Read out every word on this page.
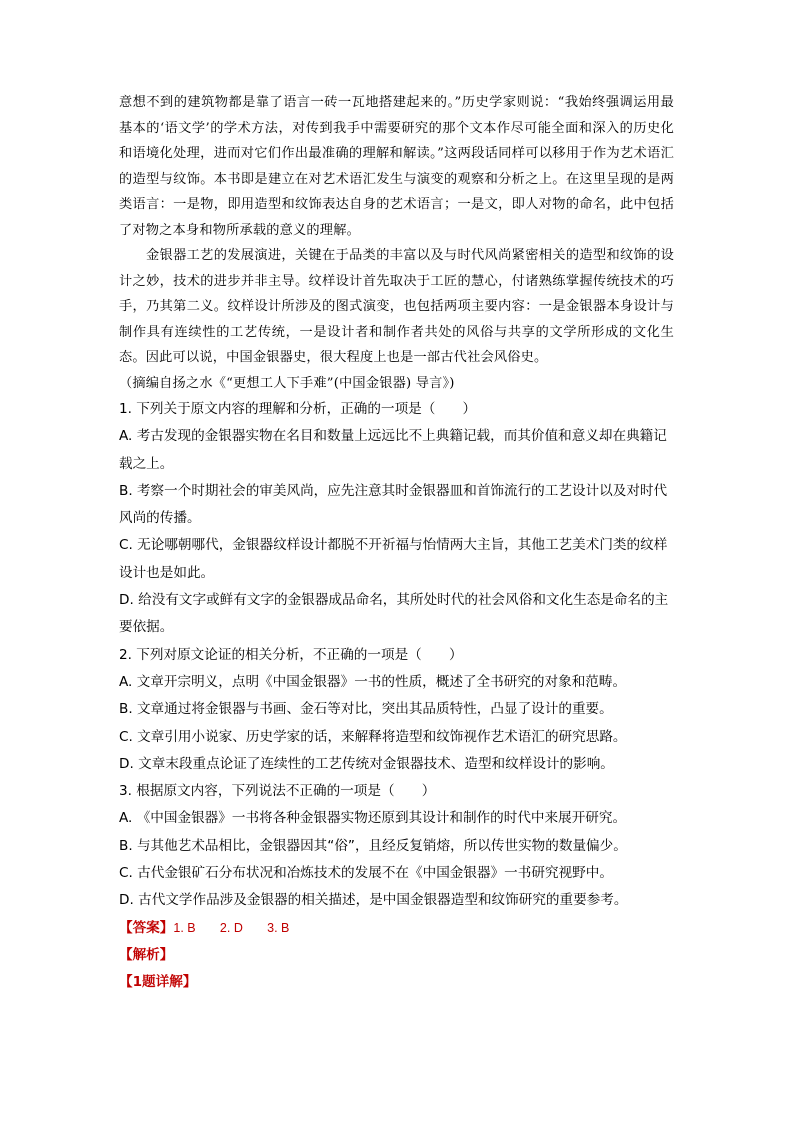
意想不到的建筑物都是靠了语言一砖一瓦地搭建起来的。”历史学家则说：“我始终强调运用最基本的‘语文学’的学术方法，对传到我手中需要研究的那个文本作尽可能全面和深入的历史化和语境化处理，进而对它们作出最准确的理解和解读。”这两段话同样可以移用于作为艺术语汇的造型与纹饰。本书即是建立在对艺术语汇发生与演变的观察和分析之上。在这里呈现的是两类语言：一是物，即用造型和纹饰表达自身的艺术语言；一是文，即人对物的命名，此中包括了对物之本身和物所承载的意义的理解。

金银器工艺的发展演进，关键在于品类的丰富以及与时代风尚紧密相关的造型和纹饰的设计之妙，技术的进步并非主导。纹样设计首先取决于工匠的慧心，付诸熟练掌握传统技术的巧手，乃其第二义。纹样设计所涉及的图式演变，也包括两项主要内容：一是金银器本身设计与制作具有连续性的工艺传统，一是设计者和制作者共处的风俗与共享的文学所形成的文化生态。因此可以说，中国金银器史，很大程度上也是一部古代社会风俗史。

（摘编自扬之水《“更想工人下手难”(中国金银器) 导言》)

1. 下列关于原文内容的理解和分析，正确的一项是（　　）

A. 考古发现的金银器实物在名目和数量上远远比不上典籍记载，而其价值和意义却在典籍记载之上。

B. 考察一个时期社会的审美风尚，应先注意其时金银器皿和首饰流行的工艺设计以及对时代风尚的传播。

C. 无论哪朝哪代，金银器纹样设计都脱不开祈福与怡情两大主旨，其他工艺美术门类的纹样设计也是如此。

D. 给没有文字或鲜有文字的金银器成品命名，其所处时代的社会风俗和文化生态是命名的主要依据。

2. 下列对原文论证的相关分析，不正确的一项是（　　）

A. 文章开宗明义，点明《中国金银器》一书的性质，概述了全书研究的对象和范畴。

B. 文章通过将金银器与书画、金石等对比，突出其品质特性，凸显了设计的重要。

C. 文章引用小说家、历史学家的话，来解释将造型和纹饰视作艺术语汇的研究思路。

D. 文章末段重点论证了连续性的工艺传统对金银器技术、造型和纹样设计的影响。

3. 根据原文内容，下列说法不正确的一项是（　　）

A. 《中国金银器》一书将各种金银器实物还原到其设计和制作的时代中来展开研究。

B. 与其他艺术品相比，金银器因其“俗”，且经反复销熔，所以传世实物的数量偏少。

C. 古代金银矿石分布状况和冶炼技术的发展不在《中国金银器》一书研究视野中。

D. 古代文学作品涉及金银器的相关描述，是中国金银器造型和纹饰研究的重要参考。

【答案】1. B       2. D       3. B

【解析】

【1题详解】
